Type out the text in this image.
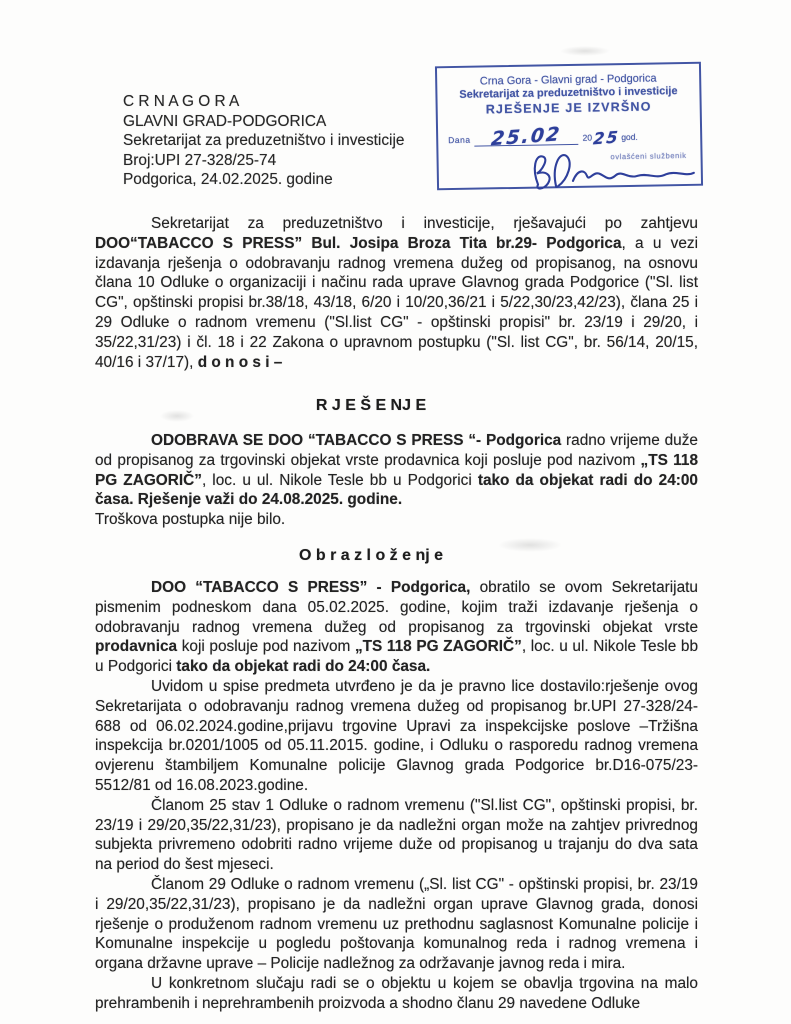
C R N A G O R A
GLAVNI GRAD-PODGORICA
Sekretarijat za preduzetništvo i investicije
Broj:UPI 27-328/25-74
Podgorica, 24.02.2025. godine
Crna Gora - Glavni grad - Podgorica
Sekretarijat za preduzetništvo i investicije
RJEŠENJE JE IZVRŠNO
Dana	25.02	20 25 god.
ovlašćeni službenik

Sekretarijat za preduzetništvo i investicije, rješavajući po zahtjevu DOO“TABACCO S PRESS” Bul. Josipa Broza Tita br.29- Podgorica, a u vezi izdavanja rješenja o odobravanju radnog vremena dužeg od propisanog, na osnovu člana 10 Odluke o organizaciji i načinu rada uprave Glavnog grada Podgorice ("Sl. list CG", opštinski propisi br.38/18, 43/18, 6/20 i 10/20,36/21 i 5/22,30/23,42/23), člana 25 i 29 Odluke o radnom vremenu ("Sl.list CG" - opštinski propisi" br. 23/19 i 29/20, i 35/22,31/23) i čl. 18 i 22 Zakona o upravnom postupku ("Sl. list CG", br. 56/14, 20/15, 40/16 i 37/17), d o n o s i –

R J E Š E NJ E

ODOBRAVA SE DOO “TABACCO S PRESS “- Podgorica radno vrijeme duže od propisanog za trgovinski objekat vrste prodavnica koji posluje pod nazivom „TS 118 PG ZAGORIČ”, loc. u ul. Nikole Tesle bb u Podgorici tako da objekat radi do 24:00 časa. Rješenje važi do 24.08.2025. godine.

Troškova postupka nije bilo.

O b r a z l o ž e nj e

DOO “TABACCO S PRESS” - Podgorica, obratilo se ovom Sekretarijatu pismenim podneskom dana 05.02.2025. godine, kojim traži izdavanje rješenja o odobravanju radnog vremena dužeg od propisanog za trgovinski objekat vrste prodavnica koji posluje pod nazivom „TS 118 PG ZAGORIČ”, loc. u ul. Nikole Tesle bb u Podgorici tako da objekat radi do 24:00 časa.

Uvidom u spise predmeta utvrđeno je da je pravno lice dostavilo:rješenje ovog Sekretarijata o odobravanju radnog vremena dužeg od propisanog br.UPI 27-328/24-688 od 06.02.2024.godine,prijavu trgovine Upravi za inspekcijske poslove –Tržišna inspekcija br.0201/1005 od 05.11.2015. godine, i Odluku o rasporedu radnog vremena ovjerenu štambiljem Komunalne policije Glavnog grada Podgorice br.D16-075/23-5512/81 od 16.08.2023.godine.

Članom 25 stav 1 Odluke o radnom vremenu ("Sl.list CG", opštinski propisi, br. 23/19 i 29/20,35/22,31/23), propisano je da nadležni organ može na zahtjev privrednog subjekta privremeno odobriti radno vrijeme duže od propisanog u trajanju do dva sata na period do šest mjeseci.

Članom 29 Odluke o radnom vremenu („Sl. list CG" - opštinski propisi, br. 23/19 i 29/20,35/22,31/23), propisano je da nadležni organ uprave Glavnog grada, donosi rješenje o produženom radnom vremenu uz prethodnu saglasnost Komunalne policije i Komunalne inspekcije u pogledu poštovanja komunalnog reda i radnog vremena i organa državne uprave – Policije nadležnog za održavanje javnog reda i mira.

U konkretnom slučaju radi se o objektu u kojem se obavlja trgovina na malo prehrambenih i neprehrambenih proizvoda a shodno članu 29 navedene Odluke
